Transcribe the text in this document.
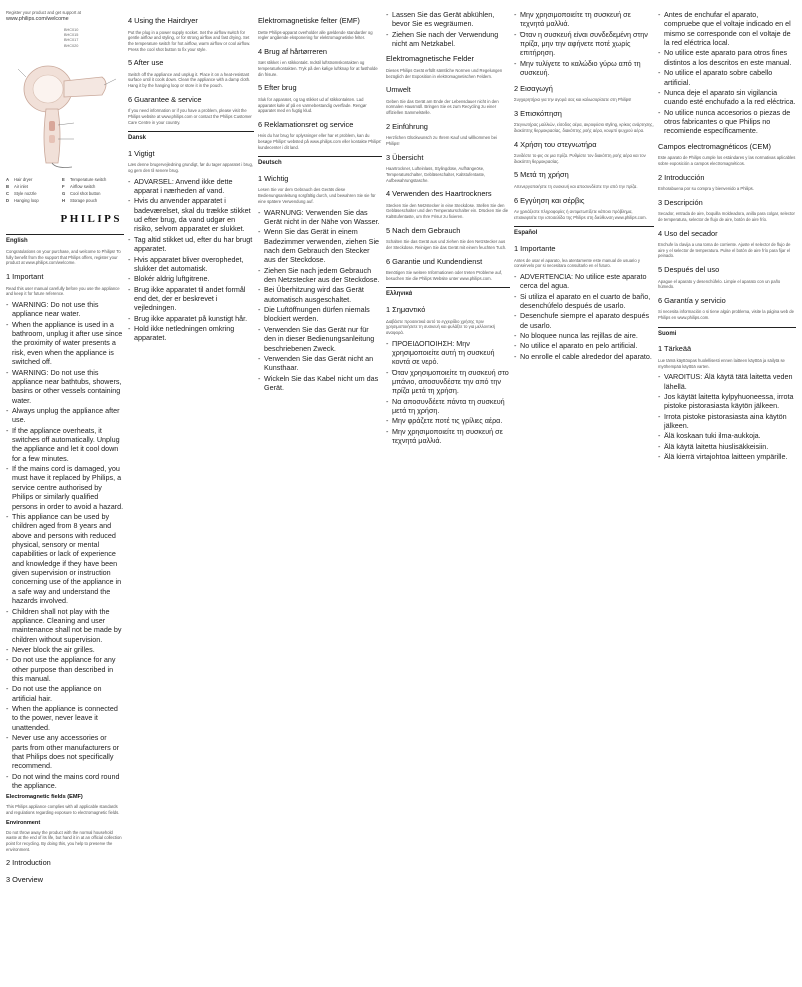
Register your product and get support at
www.philips.com/welcome
BHC010
BHC015
BHC017
BHC020
A	Hair dryer	E	Temperature switch
B	Air inlet	F	Airflow switch
C	Style nozzle	G	Cool shot button
D	Hanging loop	H	Storage pouch
PHILIPS
English

Congratulations on your purchase, and welcome to Philips! To fully benefit from the support that Philips offers, register your product at www.philips.com/welcome.

1 Important

Read this user manual carefully before you use the appliance and keep it for future reference.

- WARNING: Do not use this appliance near water.
- When the appliance is used in a bathroom, unplug it after use since the proximity of water presents a risk, even when the appliance is switched off.
- WARNING: Do not use this appliance near bathtubs, showers, basins or other vessels containing water.
- Always unplug the appliance after use.
- If the appliance overheats, it switches off automatically. Unplug the appliance and let it cool down for a few minutes.
- If the mains cord is damaged, you must have it replaced by Philips, a service centre authorised by Philips or similarly qualified persons in order to avoid a hazard.
- This appliance can be used by children aged from 8 years and above and persons with reduced physical, sensory or mental capabilities or lack of experience and knowledge if they have been given supervision or instruction concerning use of the appliance in a safe way and understand the hazards involved.
- Children shall not play with the appliance. Cleaning and user maintenance shall not be made by children without supervision.
- Never block the air grilles.
- Do not use the appliance for any other purpose than described in this manual.
- Do not use the appliance on artificial hair.
- When the appliance is connected to the power, never leave it unattended.
- Never use any accessories or parts from other manufacturers or that Philips does not specifically recommend.
- Do not wind the mains cord round the appliance.
Electromagnetic fields (EMF)

This Philips appliance complies with all applicable standards and regulations regarding exposure to electromagnetic fields.

Environment

Do not throw away the product with the normal household waste at the end of its life, but hand it in at an official collection point for recycling. By doing this, you help to preserve the environment.

2 Introduction
3 Overview
4 Using the Hairdryer

Put the plug in a power supply socket. Set the airflow switch for gentle airflow and styling, or for strong airflow and fast drying. Set the temperature switch for hot airflow, warm airflow or cool airflow. Press the cool shot button to fix your style.

5 After use

Switch off the appliance and unplug it. Place it on a heat-resistant surface until it cools down. Clean the appliance with a damp cloth. Hang it by the hanging loop or store it in the pouch.

6 Guarantee & service

If you need information or if you have a problem, please visit the Philips website at www.philips.com or contact the Philips Customer Care Centre in your country.

Dansk
1 Vigtigt

Læs denne brugervejledning grundigt, før du tager apparatet i brug, og gem den til senere brug.

- ADVARSEL: Anvend ikke dette apparat i nærheden af vand.
- Hvis du anvender apparatet i badeværelset, skal du trække stikket ud efter brug, da vand udgør en risiko, selvom apparatet er slukket.
- Tag altid stikket ud, efter du har brugt apparatet.
- Hvis apparatet bliver overophedet, slukker det automatisk.
- Blokér aldrig luftgitrene.
- Brug ikke apparatet til andet formål end det, der er beskrevet i vejledningen.
- Brug ikke apparatet på kunstigt hår.
- Hold ikke netledningen omkring apparatet.
Elektromagnetiske felter (EMF)

Dette Philips-apparat overholder alle gældende standarder og regler angående eksponering for elektromagnetiske felter.

4 Brug af hårtørreren

Sæt stikket i en stikkontakt. Indstil luftstrømskontakten og temperaturkontakten. Tryk på den kølige luftknap for at fastholde din frisure.

5 Efter brug

Sluk for apparatet, og tag stikket ud af stikkontakten. Lad apparatet køle af på en varmebestandig overflade. Rengør apparatet med en fugtig klud.

6 Reklamationsret og service

Hvis du har brug for oplysninger eller har et problem, kan du besøge Philips' websted på www.philips.com eller kontakte Philips' kundecenter i dit land.

Deutsch
1 Wichtig

Lesen Sie vor dem Gebrauch des Geräts diese Bedienungsanleitung sorgfältig durch, und bewahren Sie sie für eine spätere Verwendung auf.

- WARNUNG: Verwenden Sie das Gerät nicht in der Nähe von Wasser.
- Wenn Sie das Gerät in einem Badezimmer verwenden, ziehen Sie nach dem Gebrauch den Stecker aus der Steckdose.
- Ziehen Sie nach jedem Gebrauch den Netzstecker aus der Steckdose.
- Bei Überhitzung wird das Gerät automatisch ausgeschaltet.
- Die Luftöffnungen dürfen niemals blockiert werden.
- Verwenden Sie das Gerät nur für den in dieser Bedienungsanleitung beschriebenen Zweck.
- Verwenden Sie das Gerät nicht an Kunsthaar.
- Wickeln Sie das Kabel nicht um das Gerät.
- Lassen Sie das Gerät abkühlen, bevor Sie es wegräumen.
- Ziehen Sie nach der Verwendung nicht am Netzkabel.
Elektromagnetische Felder

Dieses Philips Gerät erfüllt sämtliche Normen und Regelungen bezüglich der Exposition in elektromagnetischen Feldern.

Umwelt

Geben Sie das Gerät am Ende der Lebensdauer nicht in den normalen Hausmüll. Bringen Sie es zum Recycling zu einer offiziellen Sammelstelle.

2 Einführung

Herzlichen Glückwunsch zu Ihrem Kauf und willkommen bei Philips!

3 Übersicht

Haartrockner, Lufteinlass, Stylingdüse, Aufhängeöse, Temperaturschalter, Gebläseschalter, Kaltstufentaste, Aufbewahrungstasche.

4 Verwenden des Haartrockners

Stecken Sie den Netzstecker in eine Steckdose. Stellen Sie den Gebläseschalter und den Temperaturschalter ein. Drücken Sie die Kaltstufentaste, um Ihre Frisur zu fixieren.

5 Nach dem Gebrauch

Schalten Sie das Gerät aus und ziehen Sie den Netzstecker aus der Steckdose. Reinigen Sie das Gerät mit einem feuchten Tuch.

6 Garantie und Kundendienst

Benötigen Sie weitere Informationen oder treten Probleme auf, besuchen Sie die Philips Website unter www.philips.com.

Ελληνικά
1 Σημαντικό

Διαβάστε προσεκτικά αυτό το εγχειρίδιο χρήσης πριν χρησιμοποιήσετε τη συσκευή και φυλάξτε το για μελλοντική αναφορά.

- ΠΡΟΕΙΔΟΠΟΙΗΣΗ: Μην χρησιμοποιείτε αυτή τη συσκευή κοντά σε νερό.
- Όταν χρησιμοποιείτε τη συσκευή στο μπάνιο, αποσυνδέστε την από την πρίζα μετά τη χρήση.
- Να αποσυνδέετε πάντα τη συσκευή μετά τη χρήση.
- Μην φράζετε ποτέ τις γρίλιες αέρα.
- Μην χρησιμοποιείτε τη συσκευή σε τεχνητά μαλλιά.
- Μην χρησιμοποιείτε τη συσκευή σε τεχνητά μαλλιά.
- Όταν η συσκευή είναι συνδεδεμένη στην πρίζα, μην την αφήνετε ποτέ χωρίς επιτήρηση.
- Μην τυλίγετε το καλώδιο γύρω από τη συσκευή.
2 Εισαγωγή

Συγχαρητήρια για την αγορά σας και καλωσορίσατε στη Philips!

3 Επισκόπηση

Στεγνωτήρας μαλλιών, είσοδος αέρα, ακροφύσιο styling, κρίκος ανάρτησης, διακόπτης θερμοκρασίας, διακόπτης ροής αέρα, κουμπί ψυχρού αέρα.

4 Χρήση του στεγνωτήρα

Συνδέστε το φις σε μια πρίζα. Ρυθμίστε τον διακόπτη ροής αέρα και τον διακόπτη θερμοκρασίας.

5 Μετά τη χρήση

Απενεργοποιήστε τη συσκευή και αποσυνδέστε την από την πρίζα.

6 Εγγύηση και σέρβις

Αν χρειάζεστε πληροφορίες ή αντιμετωπίζετε κάποιο πρόβλημα, επισκεφτείτε την ιστοσελίδα της Philips στη διεύθυνση www.philips.com.

Español
1 Importante

Antes de usar el aparato, lea atentamente este manual de usuario y consérvelo por si necesitara consultarlo en el futuro.

- ADVERTENCIA: No utilice este aparato cerca del agua.
- Si utiliza el aparato en el cuarto de baño, desenchúfelo después de usarlo.
- Desenchufe siempre el aparato después de usarlo.
- No bloquee nunca las rejillas de aire.
- No utilice el aparato en pelo artificial.
- No enrolle el cable alrededor del aparato.
- Antes de enchufar el aparato, compruebe que el voltaje indicado en el mismo se corresponde con el voltaje de la red eléctrica local.
- No utilice este aparato para otros fines distintos a los descritos en este manual.
- No utilice el aparato sobre cabello artificial.
- Nunca deje el aparato sin vigilancia cuando esté enchufado a la red eléctrica.
- No utilice nunca accesorios o piezas de otros fabricantes o que Philips no recomiende específicamente.
Campos electromagnéticos (CEM)

Este aparato de Philips cumple los estándares y las normativas aplicables sobre exposición a campos electromagnéticos.

2 Introducción

Enhorabuena por su compra y bienvenido a Philips.

3 Descripción

Secador, entrada de aire, boquilla moldeadora, anilla para colgar, selector de temperatura, selector de flujo de aire, botón de aire frío.

4 Uso del secador

Enchufe la clavija a una toma de corriente. Ajuste el selector de flujo de aire y el selector de temperatura. Pulse el botón de aire frío para fijar el peinado.

5 Después del uso

Apague el aparato y desenchúfelo. Limpie el aparato con un paño húmedo.

6 Garantía y servicio

Si necesita información o si tiene algún problema, visite la página web de Philips en www.philips.com.

Suomi
1 Tärkeää

Lue tämä käyttöopas huolellisesti ennen laitteen käyttöä ja säilytä se myöhempää käyttöä varten.

- VAROITUS: Älä käytä tätä laitetta veden lähellä.
- Jos käytät laitetta kylpyhuoneessa, irrota pistoke pistorasiasta käytön jälkeen.
- Irrota pistoke pistorasiasta aina käytön jälkeen.
- Älä koskaan tuki ilma-aukkoja.
- Älä käytä laitetta hiuslisäkkeisiin.
- Älä kierrä virtajohtoa laitteen ympärille.
